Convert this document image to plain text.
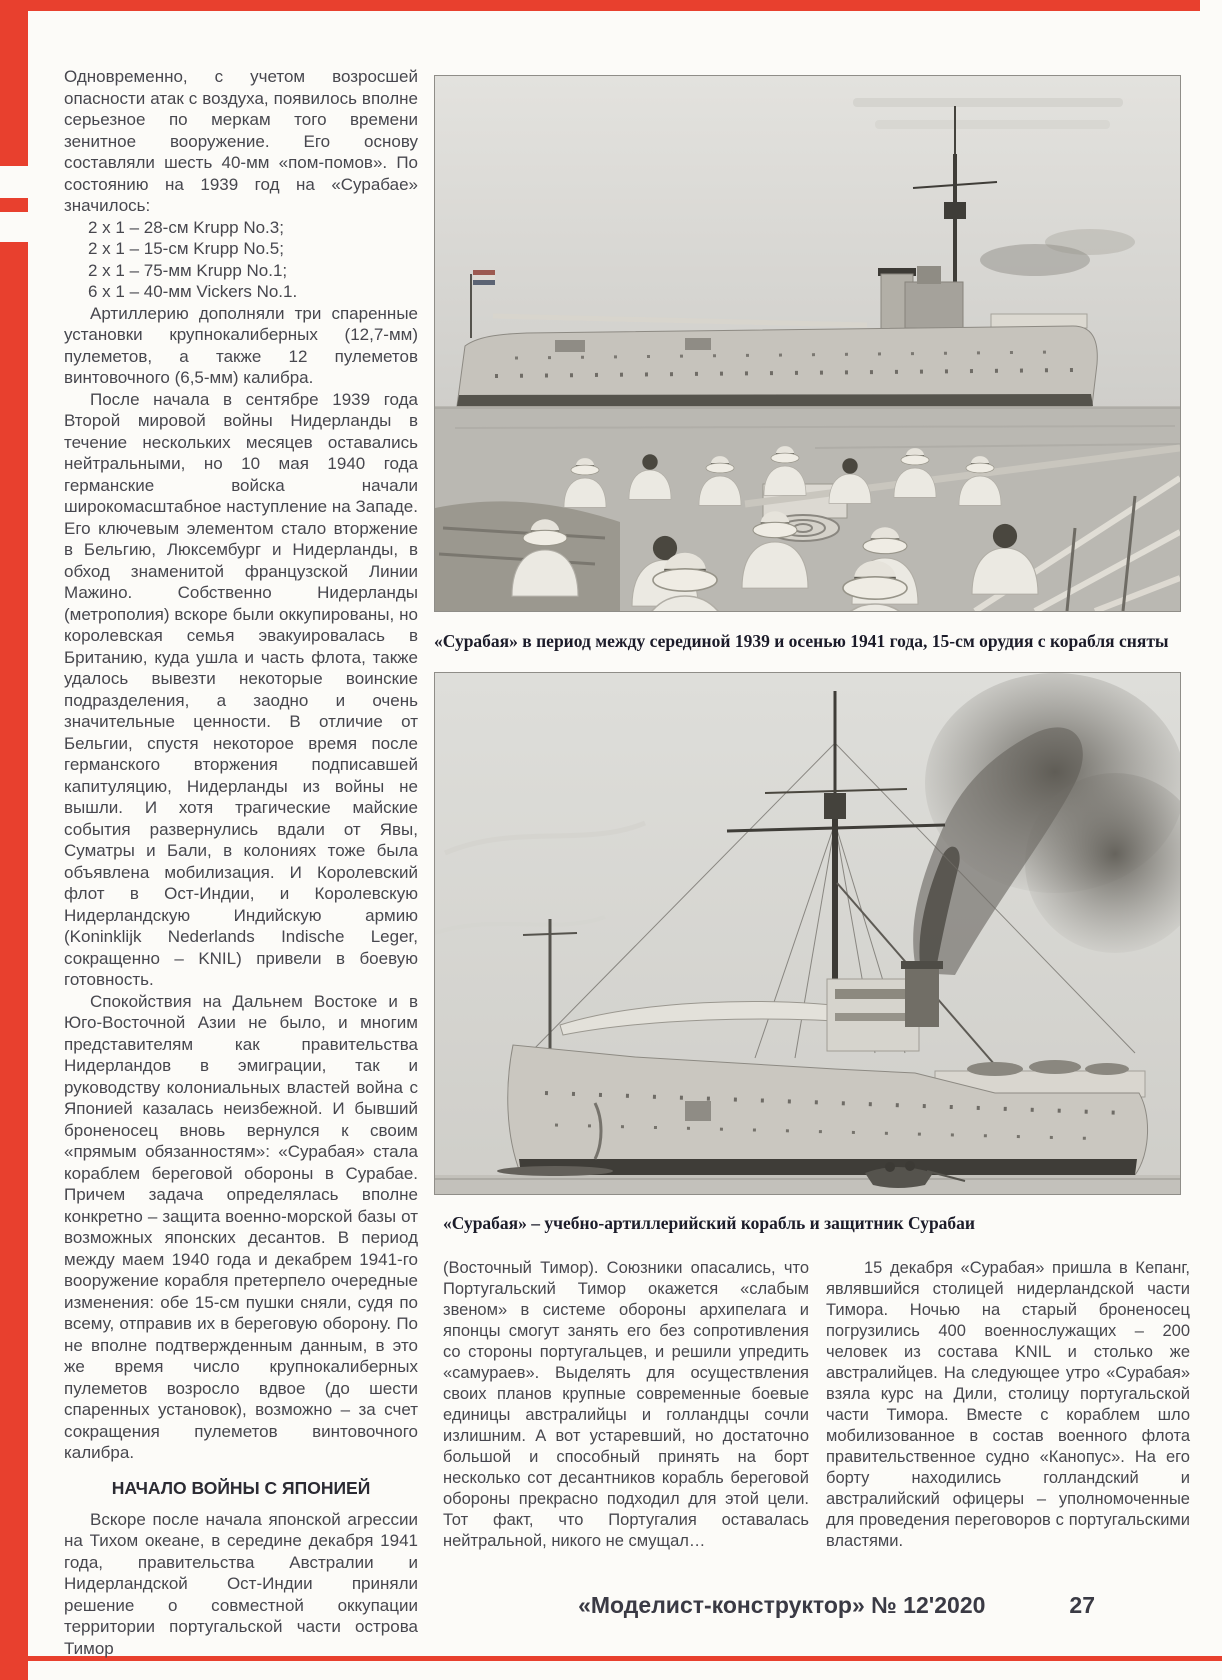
Одновременно, с учетом возросшей опасности атак с воздуха, появилось вполне серьезное по меркам того времени зенитное вооружение. Его основу составляли шесть 40-мм «пом-помов». По состоянию на 1939 год на «Сурабае» значилось:

2 х 1 – 28-см Krupp No.3;
2 х 1 – 15-см Krupp No.5;
2 х 1 – 75-мм Krupp No.1;
6 х 1 – 40-мм Vickers No.1.

Артиллерию дополняли три спаренные установки крупнокалиберных (12,7-мм) пулеметов, а также 12 пулеметов винтовочного (6,5-мм) калибра.

После начала в сентябре 1939 года Второй мировой войны Нидерланды в течение нескольких месяцев оставались нейтральными, но 10 мая 1940 года германские войска начали широкомасштабное наступление на Западе. Его ключевым элементом стало вторжение в Бельгию, Люксембург и Нидерланды, в обход знаменитой французской Линии Мажино. Собственно Нидерланды (метрополия) вскоре были оккупированы, но королевская семья эвакуировалась в Британию, куда ушла и часть флота, также удалось вывезти некоторые воинские подразделения, а заодно и очень значительные ценности. В отличие от Бельгии, спустя некоторое время после германского вторжения подписавшей капитуляцию, Нидерланды из войны не вышли. И хотя трагические майские события развернулись вдали от Явы, Суматры и Бали, в колониях тоже была объявлена мобилизация. И Королевский флот в Ост-Индии, и Королевскую Нидерландскую Индийскую армию (Koninklijk Nederlands Indische Leger, сокращенно – KNIL) привели в боевую готовность.

Спокойствия на Дальнем Востоке и в Юго-Восточной Азии не было, и многим представителям как правительства Нидерландов в эмиграции, так и руководству колониальных властей война с Японией казалась неизбежной. И бывший броненосец вновь вернулся к своим «прямым обязанностям»: «Сурабая» стала кораблем береговой обороны в Сурабае. Причем задача определялась вполне конкретно – защита военно-морской базы от возможных японских десантов. В период между маем 1940 года и декабрем 1941-го вооружение корабля претерпело очередные изменения: обе 15-см пушки сняли, судя по всему, отправив их в береговую оборону. По не вполне подтвержденным данным, в это же время число крупнокалиберных пулеметов возросло вдвое (до шести спаренных установок), возможно – за счет сокращения пулеметов винтовочного калибра.

НАЧАЛО ВОЙНЫ С ЯПОНИЕЙ

Вскоре после начала японской агрессии на Тихом океане, в середине декабря 1941 года, правительства Австралии и Нидерландской Ост-Индии приняли решение о совместной оккупации территории португальской части острова Тимор

«Сурабая» в период между серединой 1939 и осенью 1941 года, 15-см орудия с корабля сняты
«Сурабая» – учебно-артиллерийский корабль и защитник Сурабаи

(Восточный Тимор). Союзники опасались, что Португальский Тимор окажется «слабым звеном» в системе обороны архипелага и японцы смогут занять его без сопротивления со стороны португальцев, и решили упредить «самураев». Выделять для осуществления своих планов крупные современные боевые единицы австралийцы и голландцы сочли излишним. А вот устаревший, но достаточно большой и способный принять на борт несколько сот десантников корабль береговой обороны прекрасно подходил для этой цели. Тот факт, что Португалия оставалась нейтральной, никого не смущал…

15 декабря «Сурабая» пришла в Кепанг, являвшийся столицей нидерландской части Тимора. Ночью на старый броненосец погрузились 400 военнослужащих – 200 человек из состава KNIL и столько же австралийцев. На следующее утро «Сурабая» взяла курс на Дили, столицу португальской части Тимора. Вместе с кораблем шло мобилизованное в состав военного флота правительственное судно «Канопус». На его борту находились голландский и австралийский офицеры – уполномоченные для проведения переговоров с португальскими властями.

«Моделист-конструктор» № 12'2020	27
